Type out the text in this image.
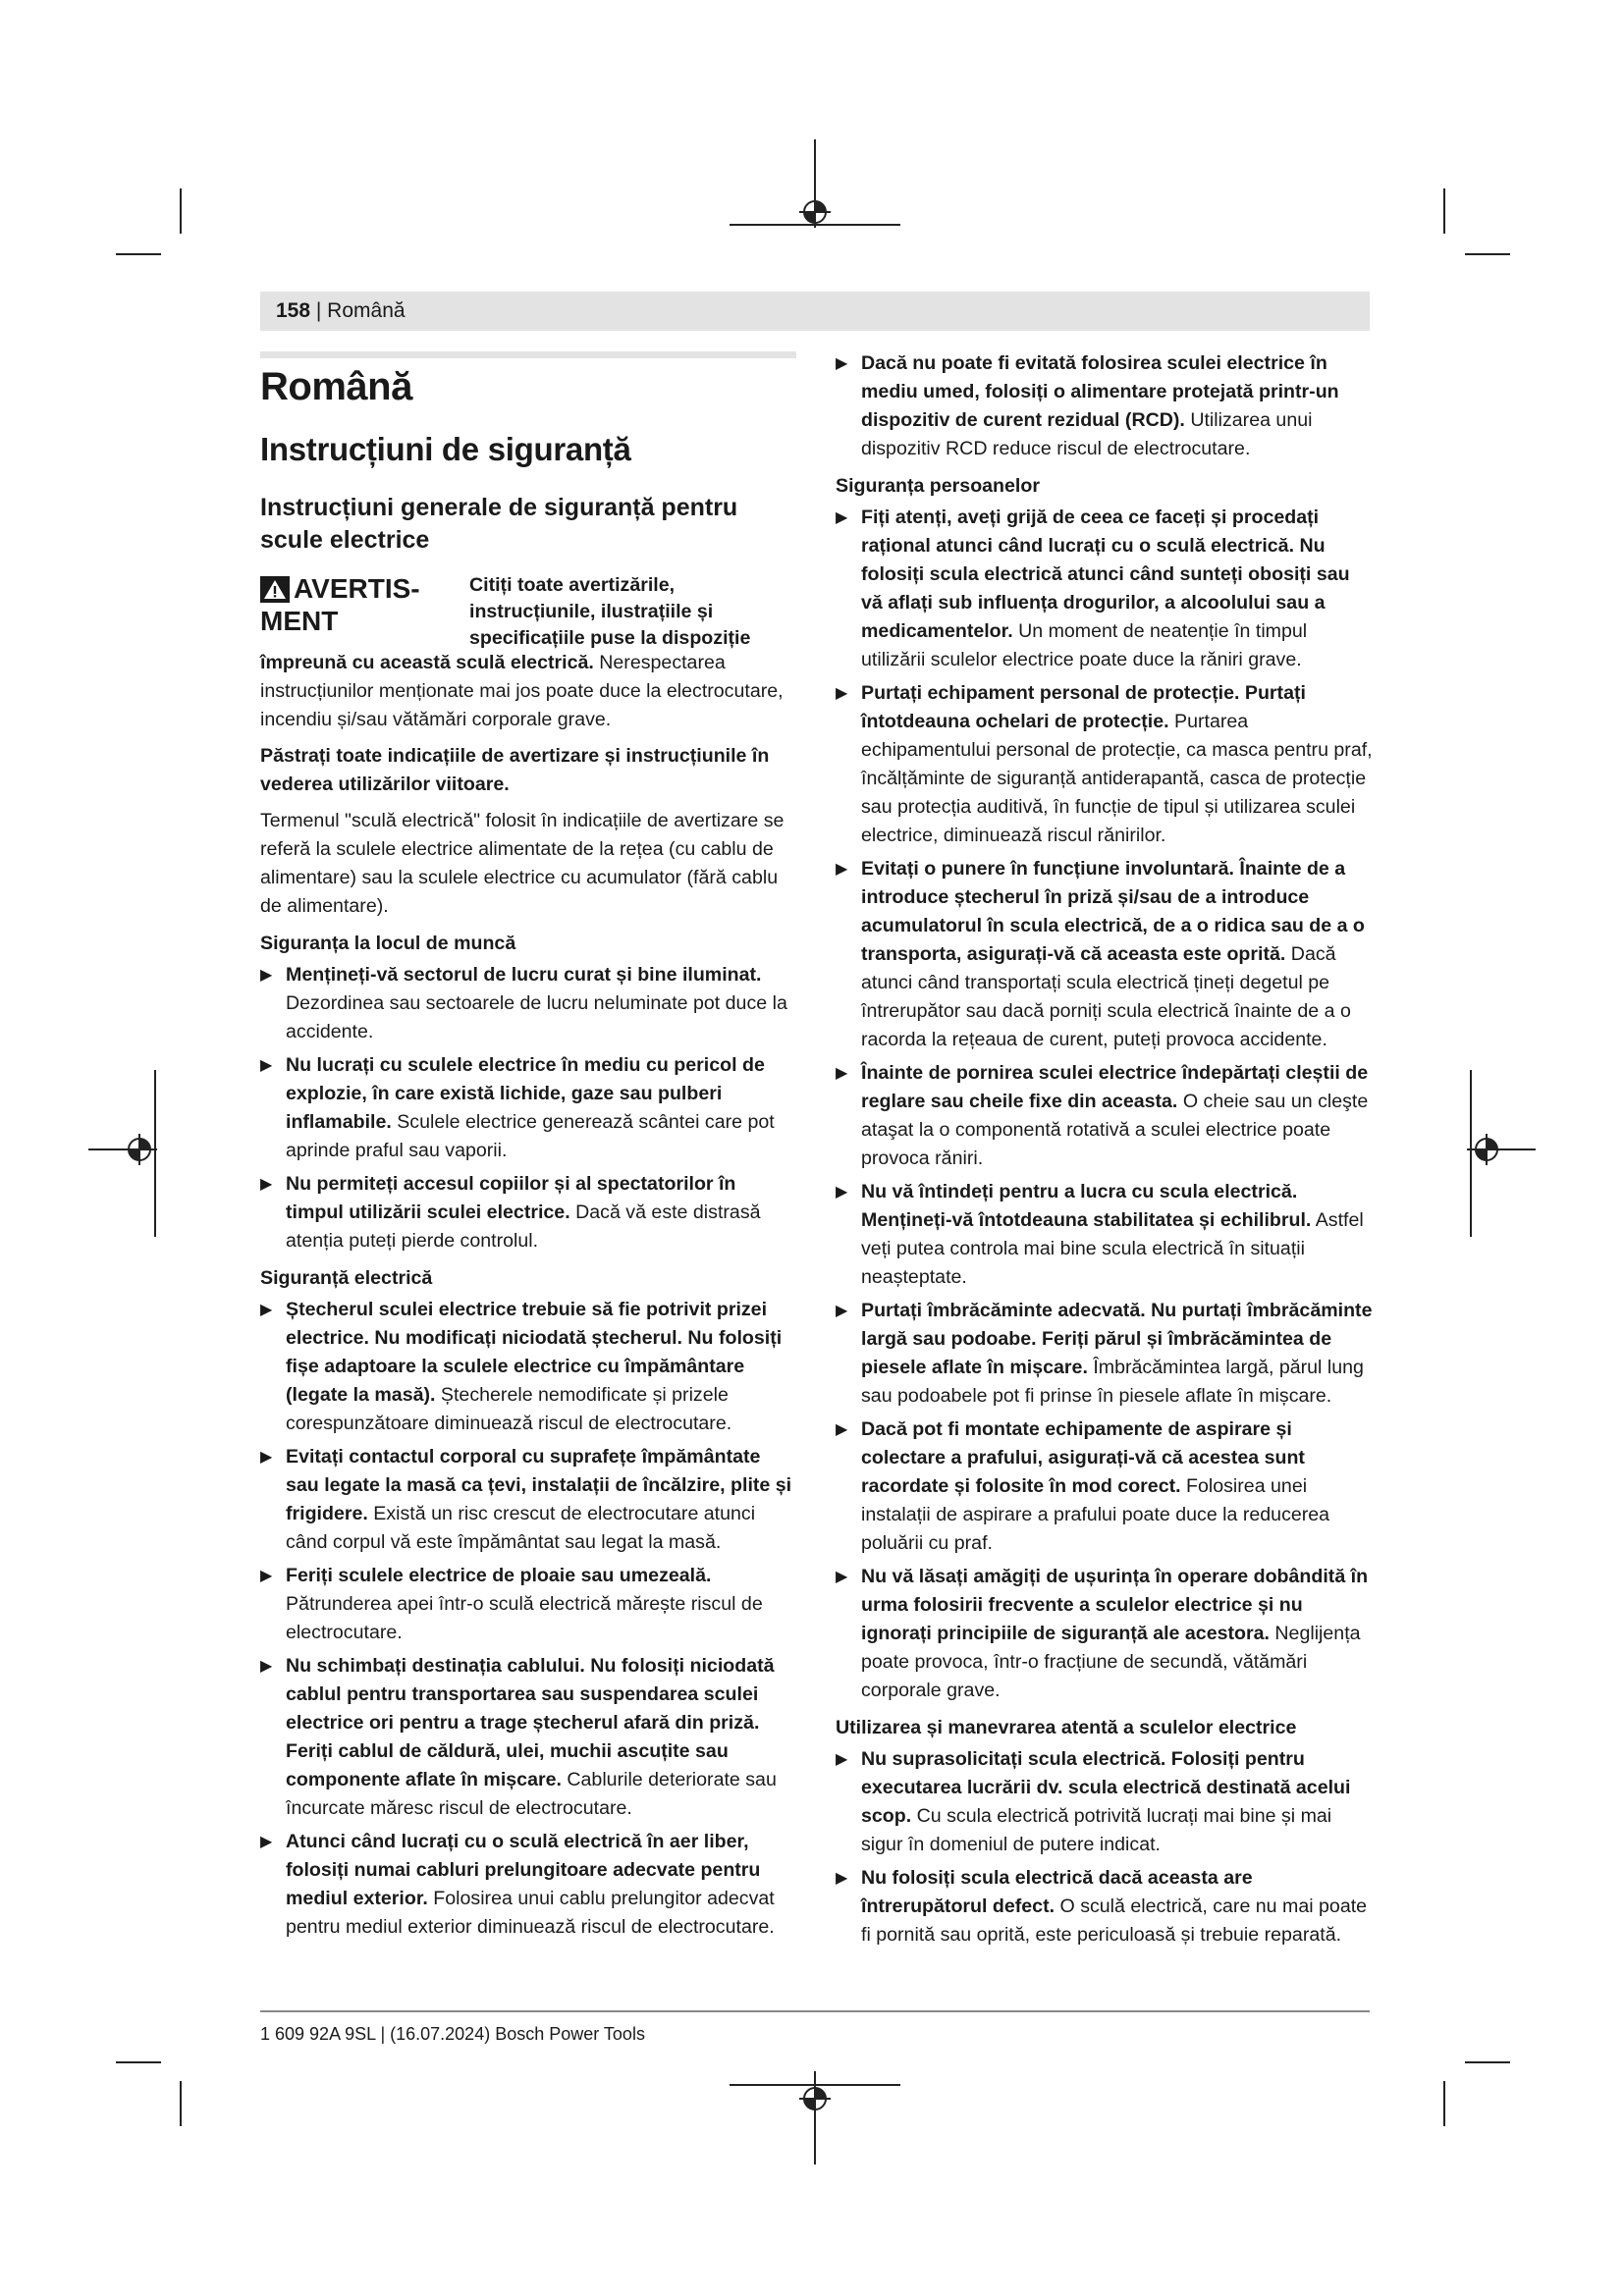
158 | Română
Română
Instrucțiuni de siguranță
Instrucțiuni generale de siguranță pentru scule electrice
AVERTIS-
MENT
Citiți toate avertizările, instrucțiunile, ilustrațiile și specificațiile puse la dispoziție

împreună cu această sculă electrică. Nerespectarea instrucțiunilor menționate mai jos poate duce la electrocutare, incendiu și/sau vătămări corporale grave.

Păstrați toate indicațiile de avertizare și instrucțiunile în vederea utilizărilor viitoare.

Termenul "sculă electrică" folosit în indicațiile de avertizare se referă la sculele electrice alimentate de la rețea (cu cablu de alimentare) sau la sculele electrice cu acumulator (fără cablu de alimentare).

Siguranța la locul de muncă
▶ Mențineți-vă sectorul de lucru curat și bine iluminat. Dezordinea sau sectoarele de lucru neluminate pot duce la accidente.
▶ Nu lucrați cu sculele electrice în mediu cu pericol de explozie, în care există lichide, gaze sau pulberi inflamabile. Sculele electrice generează scântei care pot aprinde praful sau vaporii.
▶ Nu permiteți accesul copiilor și al spectatorilor în timpul utilizării sculei electrice. Dacă vă este distrasă atenția puteți pierde controlul.
Siguranță electrică
▶ Ștecherul sculei electrice trebuie să fie potrivit prizei electrice. Nu modificați niciodată ștecherul. Nu folosiți fișe adaptoare la sculele electrice cu împământare (legate la masă). Ștecherele nemodificate și prizele corespunzătoare diminuează riscul de electrocutare.
▶ Evitați contactul corporal cu suprafețe împământate sau legate la masă ca țevi, instalații de încălzire, plite și frigidere. Există un risc crescut de electrocutare atunci când corpul vă este împământat sau legat la masă.
▶ Feriți sculele electrice de ploaie sau umezeală. Pătrunderea apei într-o sculă electrică mărește riscul de electrocutare.
▶ Nu schimbați destinația cablului. Nu folosiți niciodată cablul pentru transportarea sau suspendarea sculei electrice ori pentru a trage ștecherul afară din priză. Feriți cablul de căldură, ulei, muchii ascuțite sau componente aflate în mișcare. Cablurile deteriorate sau încurcate măresc riscul de electrocutare.
▶ Atunci când lucrați cu o sculă electrică în aer liber, folosiți numai cabluri prelungitoare adecvate pentru mediul exterior. Folosirea unui cablu prelungitor adecvat pentru mediul exterior diminuează riscul de electrocutare.
▶ Dacă nu poate fi evitată folosirea sculei electrice în mediu umed, folosiți o alimentare protejată printr-un dispozitiv de curent rezidual (RCD). Utilizarea unui dispozitiv RCD reduce riscul de electrocutare.
Siguranța persoanelor
▶ Fiți atenți, aveți grijă de ceea ce faceți și procedați rațional atunci când lucrați cu o sculă electrică. Nu folosiți scula electrică atunci când sunteți obosiți sau vă aflați sub influența drogurilor, a alcoolului sau a medicamentelor. Un moment de neatenție în timpul utilizării sculelor electrice poate duce la răniri grave.
▶ Purtați echipament personal de protecție. Purtați întotdeauna ochelari de protecție. Purtarea echipamentului personal de protecție, ca masca pentru praf, încălțăminte de siguranță antiderapantă, casca de protecție sau protecția auditivă, în funcție de tipul și utilizarea sculei electrice, diminuează riscul rănirilor.
▶ Evitați o punere în funcțiune involuntară. Înainte de a introduce ștecherul în priză și/sau de a introduce acumulatorul în scula electrică, de a o ridica sau de a o transporta, asigurați-vă că aceasta este oprită. Dacă atunci când transportați scula electrică țineți degetul pe întrerupător sau dacă porniți scula electrică înainte de a o racorda la rețeaua de curent, puteți provoca accidente.
▶ Înainte de pornirea sculei electrice îndepărtați cleștii de reglare sau cheile fixe din aceasta. O cheie sau un cleşte ataşat la o componentă rotativă a sculei electrice poate provoca răniri.
▶ Nu vă întindeți pentru a lucra cu scula electrică. Mențineți-vă întotdeauna stabilitatea și echilibrul. Astfel veți putea controla mai bine scula electrică în situații neașteptate.
▶ Purtați îmbrăcăminte adecvată. Nu purtați îmbrăcăminte largă sau podoabe. Feriți părul și îmbrăcămintea de piesele aflate în mișcare. Îmbrăcămintea largă, părul lung sau podoabele pot fi prinse în piesele aflate în mișcare.
▶ Dacă pot fi montate echipamente de aspirare și colectare a prafului, asigurați-vă că acestea sunt racordate și folosite în mod corect. Folosirea unei instalații de aspirare a prafului poate duce la reducerea poluării cu praf.
▶ Nu vă lăsați amăgiți de ușurința în operare dobândită în urma folosirii frecvente a sculelor electrice și nu ignorați principiile de siguranță ale acestora. Neglijența poate provoca, într-o fracțiune de secundă, vătămări corporale grave.
Utilizarea și manevrarea atentă a sculelor electrice
▶ Nu suprasolicitați scula electrică. Folosiți pentru executarea lucrării dv. scula electrică destinată acelui scop. Cu scula electrică potrivită lucrați mai bine și mai sigur în domeniul de putere indicat.
▶ Nu folosiți scula electrică dacă aceasta are întrerupătorul defect. O sculă electrică, care nu mai poate fi pornită sau oprită, este periculoasă și trebuie reparată.
1 609 92A 9SL | (16.07.2024) Bosch Power Tools
